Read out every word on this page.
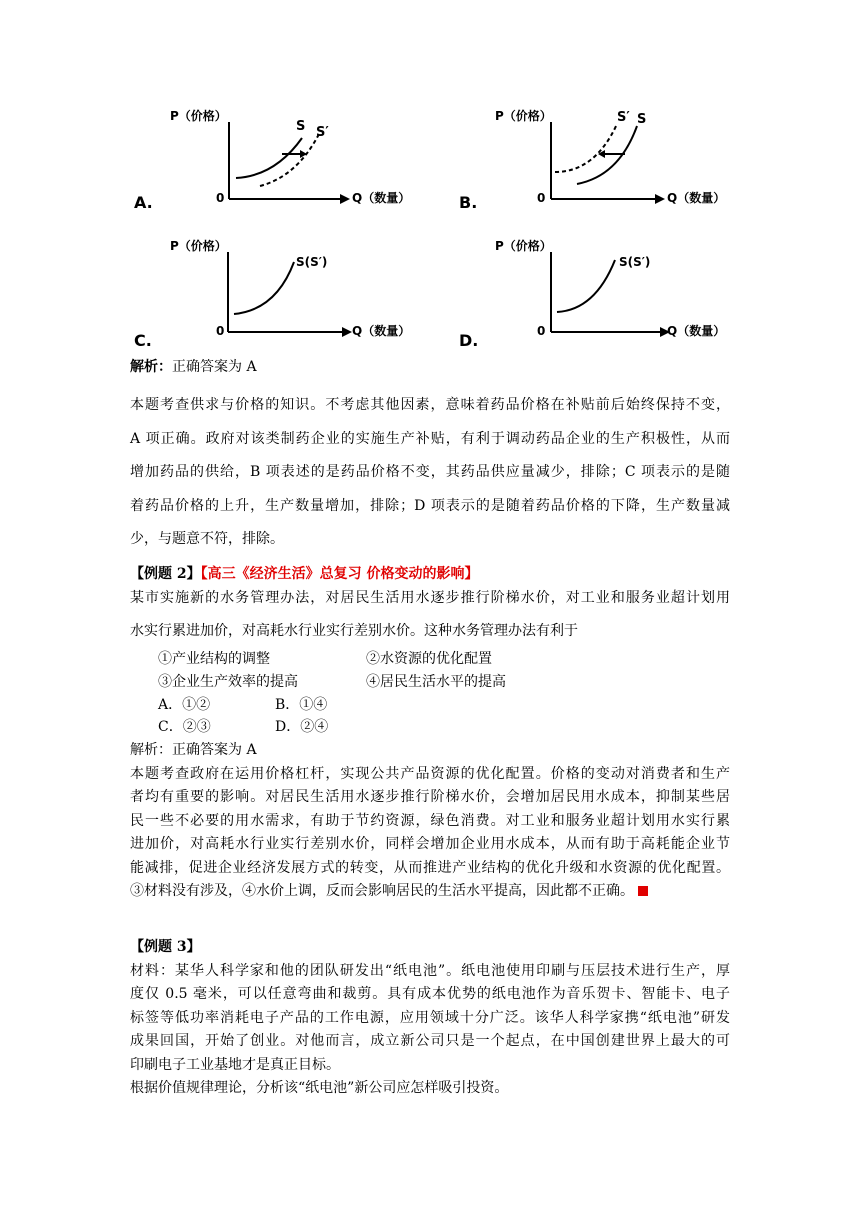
P（价格）
0	Q（数量）
S S′
A.
P（价格）
0	Q（数量）
S′ S
B.
P（价格）
0	Q（数量）
S(S′)
C.
P（价格）
0	Q（数量）
S(S′)
D.
解析：正确答案为 A
本题考查供求与价格的知识。不考虑其他因素，意味着药品价格在补贴前后始终保持不变，
A 项正确。政府对该类制药企业的实施生产补贴，有利于调动药品企业的生产积极性，从而
增加药品的供给，B 项表述的是药品价格不变，其药品供应量减少，排除；C 项表示的是随
着药品价格的上升，生产数量增加，排除；D 项表示的是随着药品价格的下降，生产数量减
少，与题意不符，排除。
【例题 2】【高三《经济生活》总复习 价格变动的影响】
某市实施新的水务管理办法，对居民生活用水逐步推行阶梯水价，对工业和服务业超计划用
水实行累进加价，对高耗水行业实行差别水价。这种水务管理办法有利于
①产业结构的调整	②水资源的优化配置
③企业生产效率的提高	④居民生活水平的提高
A．①②	B．①④
C．②③	D．②④
解析：正确答案为 A
本题考查政府在运用价格杠杆，实现公共产品资源的优化配置。价格的变动对消费者和生产
者均有重要的影响。对居民生活用水逐步推行阶梯水价，会增加居民用水成本，抑制某些居
民一些不必要的用水需求，有助于节约资源，绿色消费。对工业和服务业超计划用水实行累
进加价，对高耗水行业实行差别水价，同样会增加企业用水成本，从而有助于高耗能企业节
能减排，促进企业经济发展方式的转变，从而推进产业结构的优化升级和水资源的优化配置。
③材料没有涉及，④水价上调，反而会影响居民的生活水平提高，因此都不正确。
【例题 3】
材料：某华人科学家和他的团队研发出“纸电池”。纸电池使用印刷与压层技术进行生产，厚
度仅 0.5 毫米，可以任意弯曲和裁剪。具有成本优势的纸电池作为音乐贺卡、智能卡、电子
标签等低功率消耗电子产品的工作电源，应用领域十分广泛。该华人科学家携“纸电池”研发
成果回国，开始了创业。对他而言，成立新公司只是一个起点，在中国创建世界上最大的可
印刷电子工业基地才是真正目标。
根据价值规律理论，分析该“纸电池”新公司应怎样吸引投资。
